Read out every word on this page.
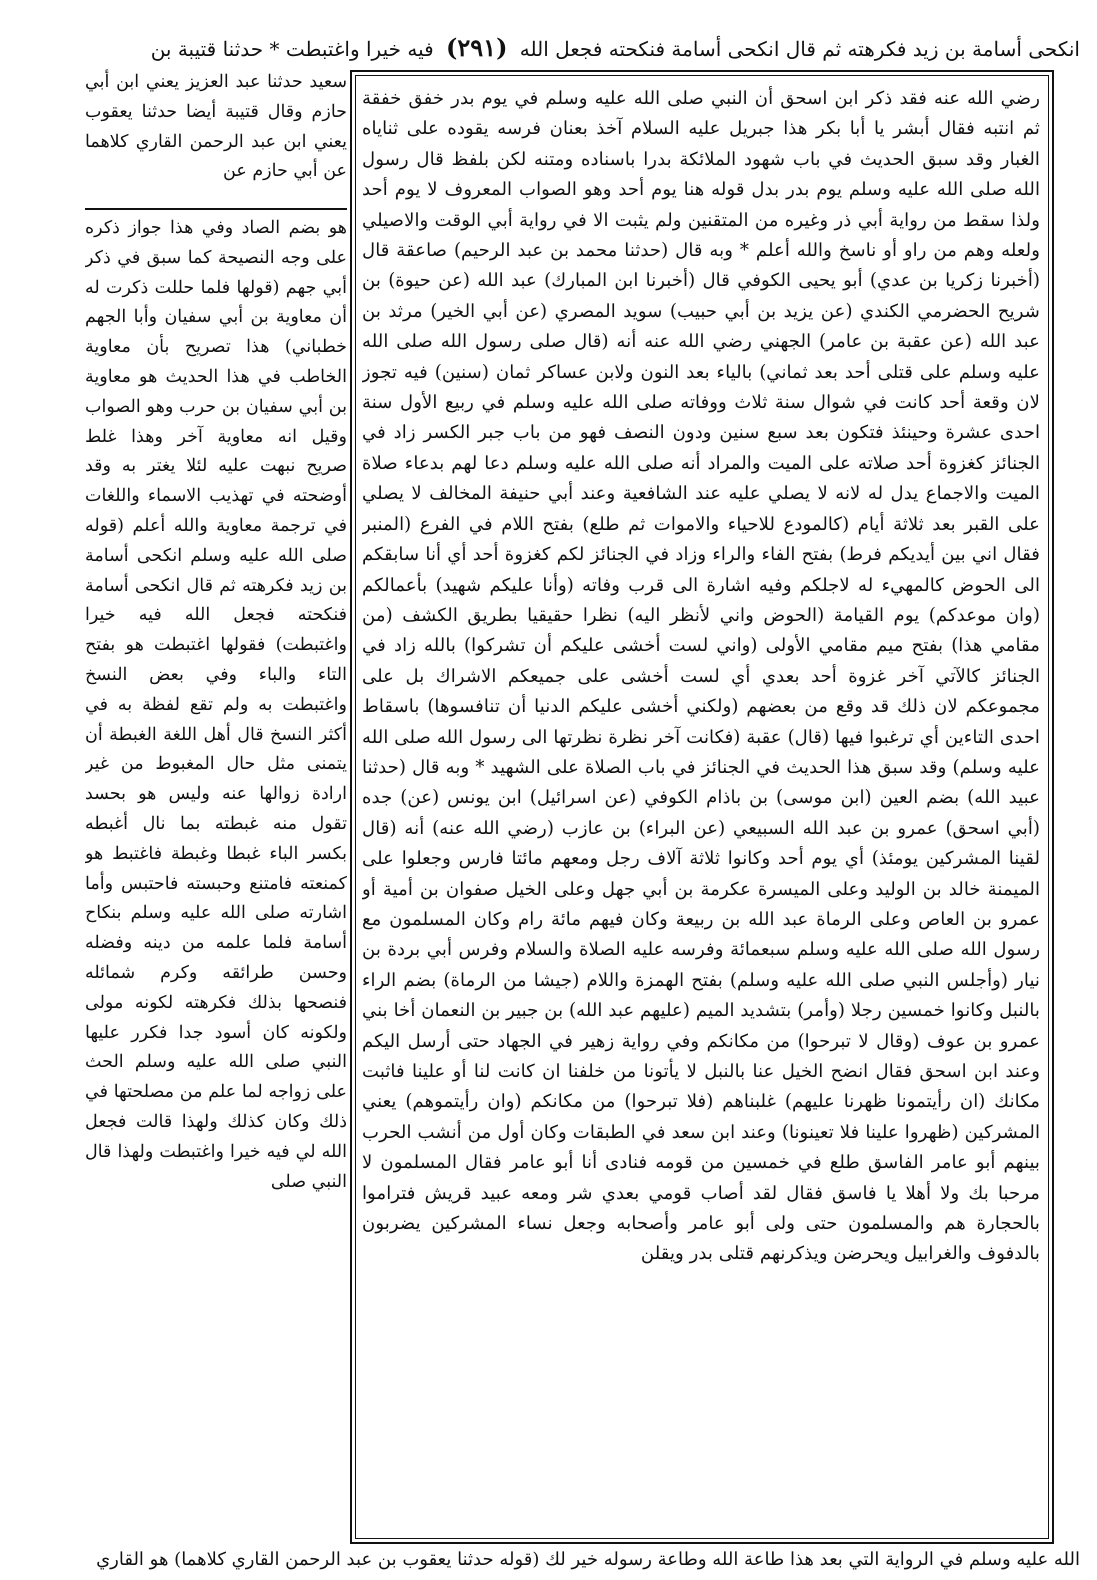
انكحى أسامة بن زيد فكرهته ثم قال انكحى أسامة فنكحته فجعل الله (٢٩١) فيه خيرا واغتبطت * حدثنا قتيبة بن
سعيد حدثنا عبد العزيز يعني ابن أبي حازم وقال قتيبة أيضا حدثنا يعقوب يعني ابن عبد الرحمن القاري كلاهما عن أبي حازم عن
هو بضم الصاد وفي هذا جواز ذكره على وجه النصيحة كما سبق في ذكر أبي جهم (قولها فلما حللت ذكرت له أن معاوية بن أبي سفيان وأبا الجهم خطباني) هذا تصريح بأن معاوية الخاطب في هذا الحديث هو معاوية بن أبي سفيان بن حرب وهو الصواب وقيل انه معاوية آخر وهذا غلط صريح نبهت عليه لئلا يغتر به وقد أوضحته في تهذيب الاسماء واللغات في ترجمة معاوية والله أعلم (قوله صلى الله عليه وسلم انكحى أسامة بن زيد فكرهته ثم قال انكحى أسامة فنكحته فجعل الله فيه خيرا واغتبطت) فقولها اغتبطت هو بفتح التاء والباء وفي بعض النسخ واغتبطت به ولم تقع لفظة به في أكثر النسخ قال أهل اللغة الغبطة أن يتمنى مثل حال المغبوط من غير ارادة زوالها عنه وليس هو بحسد تقول منه غبطته بما نال أغبطه بكسر الباء غبطا وغبطة فاغتبط هو كمنعته فامتنع وحبسته فاحتبس وأما اشارته صلى الله عليه وسلم بنكاح أسامة فلما علمه من دينه وفضله وحسن طرائقه وكرم شمائله فنصحها بذلك فكرهته لكونه مولى ولكونه كان أسود جدا فكرر عليها النبي صلى الله عليه وسلم الحث على زواجه لما علم من مصلحتها في ذلك وكان كذلك ولهذا قالت فجعل الله لي فيه خيرا واغتبطت ولهذا قال النبي صلى
رضي الله عنه فقد ذكر ابن اسحق أن النبي صلى الله عليه وسلم في يوم بدر خفق خفقة ثم انتبه فقال أبشر يا أبا بكر هذا جبريل عليه السلام آخذ بعنان فرسه يقوده على ثناياه الغبار وقد سبق الحديث في باب شهود الملائكة بدرا باسناده ومتنه لكن بلفظ قال رسول الله صلى الله عليه وسلم يوم بدر بدل قوله هنا يوم أحد وهو الصواب المعروف لا يوم أحد ولذا سقط من رواية أبي ذر وغيره من المتقنين ولم يثبت الا في رواية أبي الوقت والاصيلي ولعله وهم من راو أو ناسخ والله أعلم * وبه قال (حدثنا محمد بن عبد الرحيم) صاعقة قال (أخبرنا زكريا بن عدي) أبو يحيى الكوفي قال (أخبرنا ابن المبارك) عبد الله (عن حيوة) بن شريح الحضرمي الكندي (عن يزيد بن أبي حبيب) سويد المصري (عن أبي الخير) مرثد بن عبد الله (عن عقبة بن عامر) الجهني رضي الله عنه أنه (قال صلى رسول الله صلى الله عليه وسلم على قتلى أحد بعد ثماني) بالياء بعد النون ولابن عساكر ثمان (سنين) فيه تجوز لان وقعة أحد كانت في شوال سنة ثلاث ووفاته صلى الله عليه وسلم في ربيع الأول سنة احدى عشرة وحينئذ فتكون بعد سبع سنين ودون النصف فهو من باب جبر الكسر زاد في الجنائز كغزوة أحد صلاته على الميت والمراد أنه صلى الله عليه وسلم دعا لهم بدعاء صلاة الميت والاجماع يدل له لانه لا يصلي عليه عند الشافعية وعند أبي حنيفة المخالف لا يصلي على القبر بعد ثلاثة أيام (كالمودع للاحياء والاموات ثم طلع) بفتح اللام في الفرع (المنبر فقال اني بين أيديكم فرط) بفتح الفاء والراء وزاد في الجنائز لكم كغزوة أحد أي أنا سابقكم الى الحوض كالمهيء له لاجلكم وفيه اشارة الى قرب وفاته (وأنا عليكم شهيد) بأعمالكم (وان موعدكم) يوم القيامة (الحوض واني لأنظر اليه) نظرا حقيقيا بطريق الكشف (من مقامي هذا) بفتح ميم مقامي الأولى (واني لست أخشى عليكم أن تشركوا) بالله زاد في الجنائز كالآتي آخر غزوة أحد بعدي أي لست أخشى على جميعكم الاشراك بل على مجموعكم لان ذلك قد وقع من بعضهم (ولكني أخشى عليكم الدنيا أن تنافسوها) باسقاط احدى التاءين أي ترغبوا فيها (قال) عقبة (فكانت آخر نظرة نظرتها الى رسول الله صلى الله عليه وسلم) وقد سبق هذا الحديث في الجنائز في باب الصلاة على الشهيد * وبه قال (حدثنا عبيد الله) بضم العين (ابن موسى) بن باذام الكوفي (عن اسرائيل) ابن يونس (عن) جده (أبي اسحق) عمرو بن عبد الله السبيعي (عن البراء) بن عازب (رضي الله عنه) أنه (قال لقينا المشركين يومئذ) أي يوم أحد وكانوا ثلاثة آلاف رجل ومعهم مائتا فارس وجعلوا على الميمنة خالد بن الوليد وعلى الميسرة عكرمة بن أبي جهل وعلى الخيل صفوان بن أمية أو عمرو بن العاص وعلى الرماة عبد الله بن ربيعة وكان فيهم مائة رام وكان المسلمون مع رسول الله صلى الله عليه وسلم سبعمائة وفرسه عليه الصلاة والسلام وفرس أبي بردة بن نيار (وأجلس النبي صلى الله عليه وسلم) بفتح الهمزة واللام (جيشا من الرماة) بضم الراء بالنبل وكانوا خمسين رجلا (وأمر) بتشديد الميم (عليهم عبد الله) بن جبير بن النعمان أخا بني عمرو بن عوف (وقال لا تبرحوا) من مكانكم وفي رواية زهير في الجهاد حتى أرسل اليكم وعند ابن اسحق فقال انضح الخيل عنا بالنبل لا يأتونا من خلفنا ان كانت لنا أو علينا فاثبت مكانك (ان رأيتمونا ظهرنا عليهم) غلبناهم (فلا تبرحوا) من مكانكم (وان رأيتموهم) يعني المشركين (ظهروا علينا فلا تعينونا) وعند ابن سعد في الطبقات وكان أول من أنشب الحرب بينهم أبو عامر الفاسق طلع في خمسين من قومه فنادى أنا أبو عامر فقال المسلمون لا مرحبا بك ولا أهلا يا فاسق فقال لقد أصاب قومي بعدي شر ومعه عبيد قريش فتراموا بالحجارة هم والمسلمون حتى ولى أبو عامر وأصحابه وجعل نساء المشركين يضربون بالدفوف والغرابيل ويحرضن ويذكرنهم قتلى بدر ويقلن
الله عليه وسلم في الرواية التي بعد هذا طاعة الله وطاعة رسوله خير لك (قوله حدثنا يعقوب بن عبد الرحمن القاري كلاهما) هو القاري
